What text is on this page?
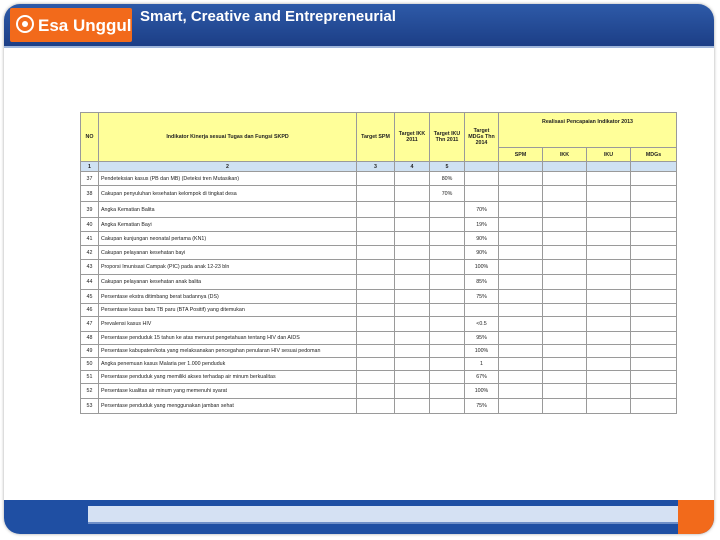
Esa Unggul Smart, Creative and Entrepreneurial
NO	Indikator Kinerja sesuai Tugas dan Fungsi SKPD	Target SPM	Target IKK 2011	Target IKU Thn 2011	Target MDGs Thn 2014	Realisasi Pencapaian Indikator 2013			
						SPM	IKK	IKU	MDGs
1	2	3	4	5					
37	Pendeteksian kasus (PB dan MB) (Deteksi tren Mutasikan)			80%					
38	Cakupan penyuluhan kesehatan kelompok di tingkat desa			70%					
39	Angka Kematian Balita				70%				
40	Angka Kematian Bayi				19%				
41	Cakupan kunjungan neonatal pertama (KN1)				90%				
42	Cakupan pelayanan kesehatan bayi				90%				
43	Proporsi Imunisasi Campak (PIC) pada anak 12-23 bln				100%				
44	Cakupan pelayanan kesehatan anak balita				85%				
45	Persentase ekstra ditimbang berat badannya (DS)				75%				
46	Persentase kasus baru TB paru (BTA Positif) yang ditemukan								
47	Prevalensi kasus HIV				<0.5				
48	Persentase penduduk 15 tahun ke atas menurut pengetahuan tentang HIV dan AIDS				95%				
49	Persentase kabupaten/kota yang melaksanakan pencegahan penularan HIV sesuai pedoman				100%				
50	Angka penemuan kasus Malaria per 1.000 penduduk				1				
51	Persentase penduduk yang memiliki akses terhadap air minum berkualitas				67%				
52	Persentase kualitas air minum yang memenuhi syarat				100%				
53	Persentase penduduk yang menggunakan jamban sehat				75%				
